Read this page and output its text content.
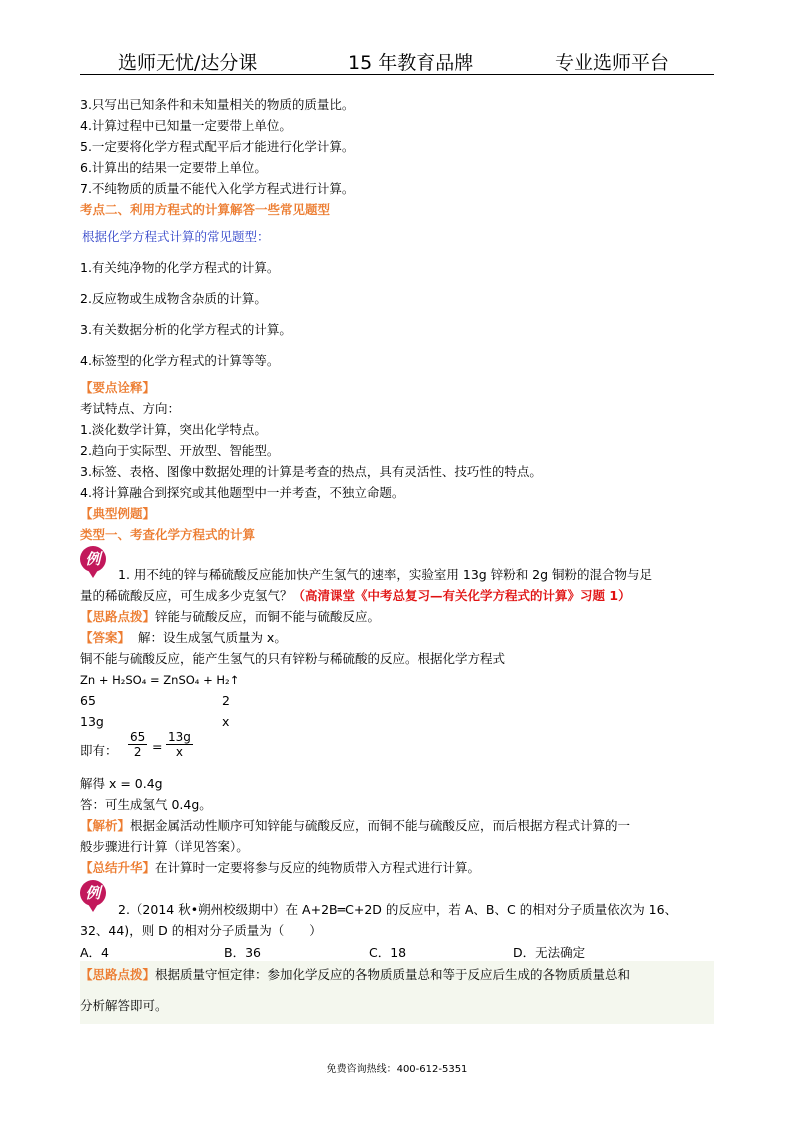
选师无忧/达分课	15 年教育品牌	专业选师平台
3.只写出已知条件和未知量相关的物质的质量比。
4.计算过程中已知量一定要带上单位。
5.一定要将化学方程式配平后才能进行化学计算。
6.计算出的结果一定要带上单位。
7.不纯物质的质量不能代入化学方程式进行计算。
考点二、利用方程式的计算解答一些常见题型
根据化学方程式计算的常见题型：
1.有关纯净物的化学方程式的计算。
2.反应物或生成物含杂质的计算。
3.有关数据分析的化学方程式的计算。
4.标签型的化学方程式的计算等等。
【要点诠释】
考试特点、方向：
1.淡化数学计算，突出化学特点。
2.趋向于实际型、开放型、智能型。
3.标签、表格、图像中数据处理的计算是考查的热点，具有灵活性、技巧性的特点。
4.将计算融合到探究或其他题型中一并考查，不独立命题。
【典型例题】
类型一、考查化学方程式的计算
例
1. 用不纯的锌与稀硫酸反应能加快产生氢气的速率，实验室用 13g 锌粉和 2g 铜粉的混合物与足
量的稀硫酸反应，可生成多少克氢气？（高清课堂《中考总复习—有关化学方程式的计算》习题 1）
【思路点拨】锌能与硫酸反应，而铜不能与硫酸反应。
【答案】  解：设生成氢气质量为 x。
铜不能与硫酸反应，能产生氢气的只有锌粉与稀硫酸的反应。根据化学方程式
Zn + H₂SO₄ = ZnSO₄ + H₂↑
65	2
13g	x
即有： $\frac{65}{2} = \frac{13g}{x}$
解得 x = 0.4g
答：可生成氢气 0.4g。
【解析】根据金属活动性顺序可知锌能与硫酸反应，而铜不能与硫酸反应，而后根据方程式计算的一
般步骤进行计算（详见答案）。
【总结升华】在计算时一定要将参与反应的纯物质带入方程式进行计算。
例
2.（2014 秋•朔州校级期中）在 A+2B═C+2D 的反应中，若 A、B、C 的相对分子质量依次为 16、
32、44)，则 D 的相对分子质量为（　　）
A．4	B．36	C．18	D．无法确定
【思路点拨】根据质量守恒定律：参加化学反应的各物质质量总和等于反应后生成的各物质质量总和
分析解答即可。
免费咨询热线：400-612-5351
